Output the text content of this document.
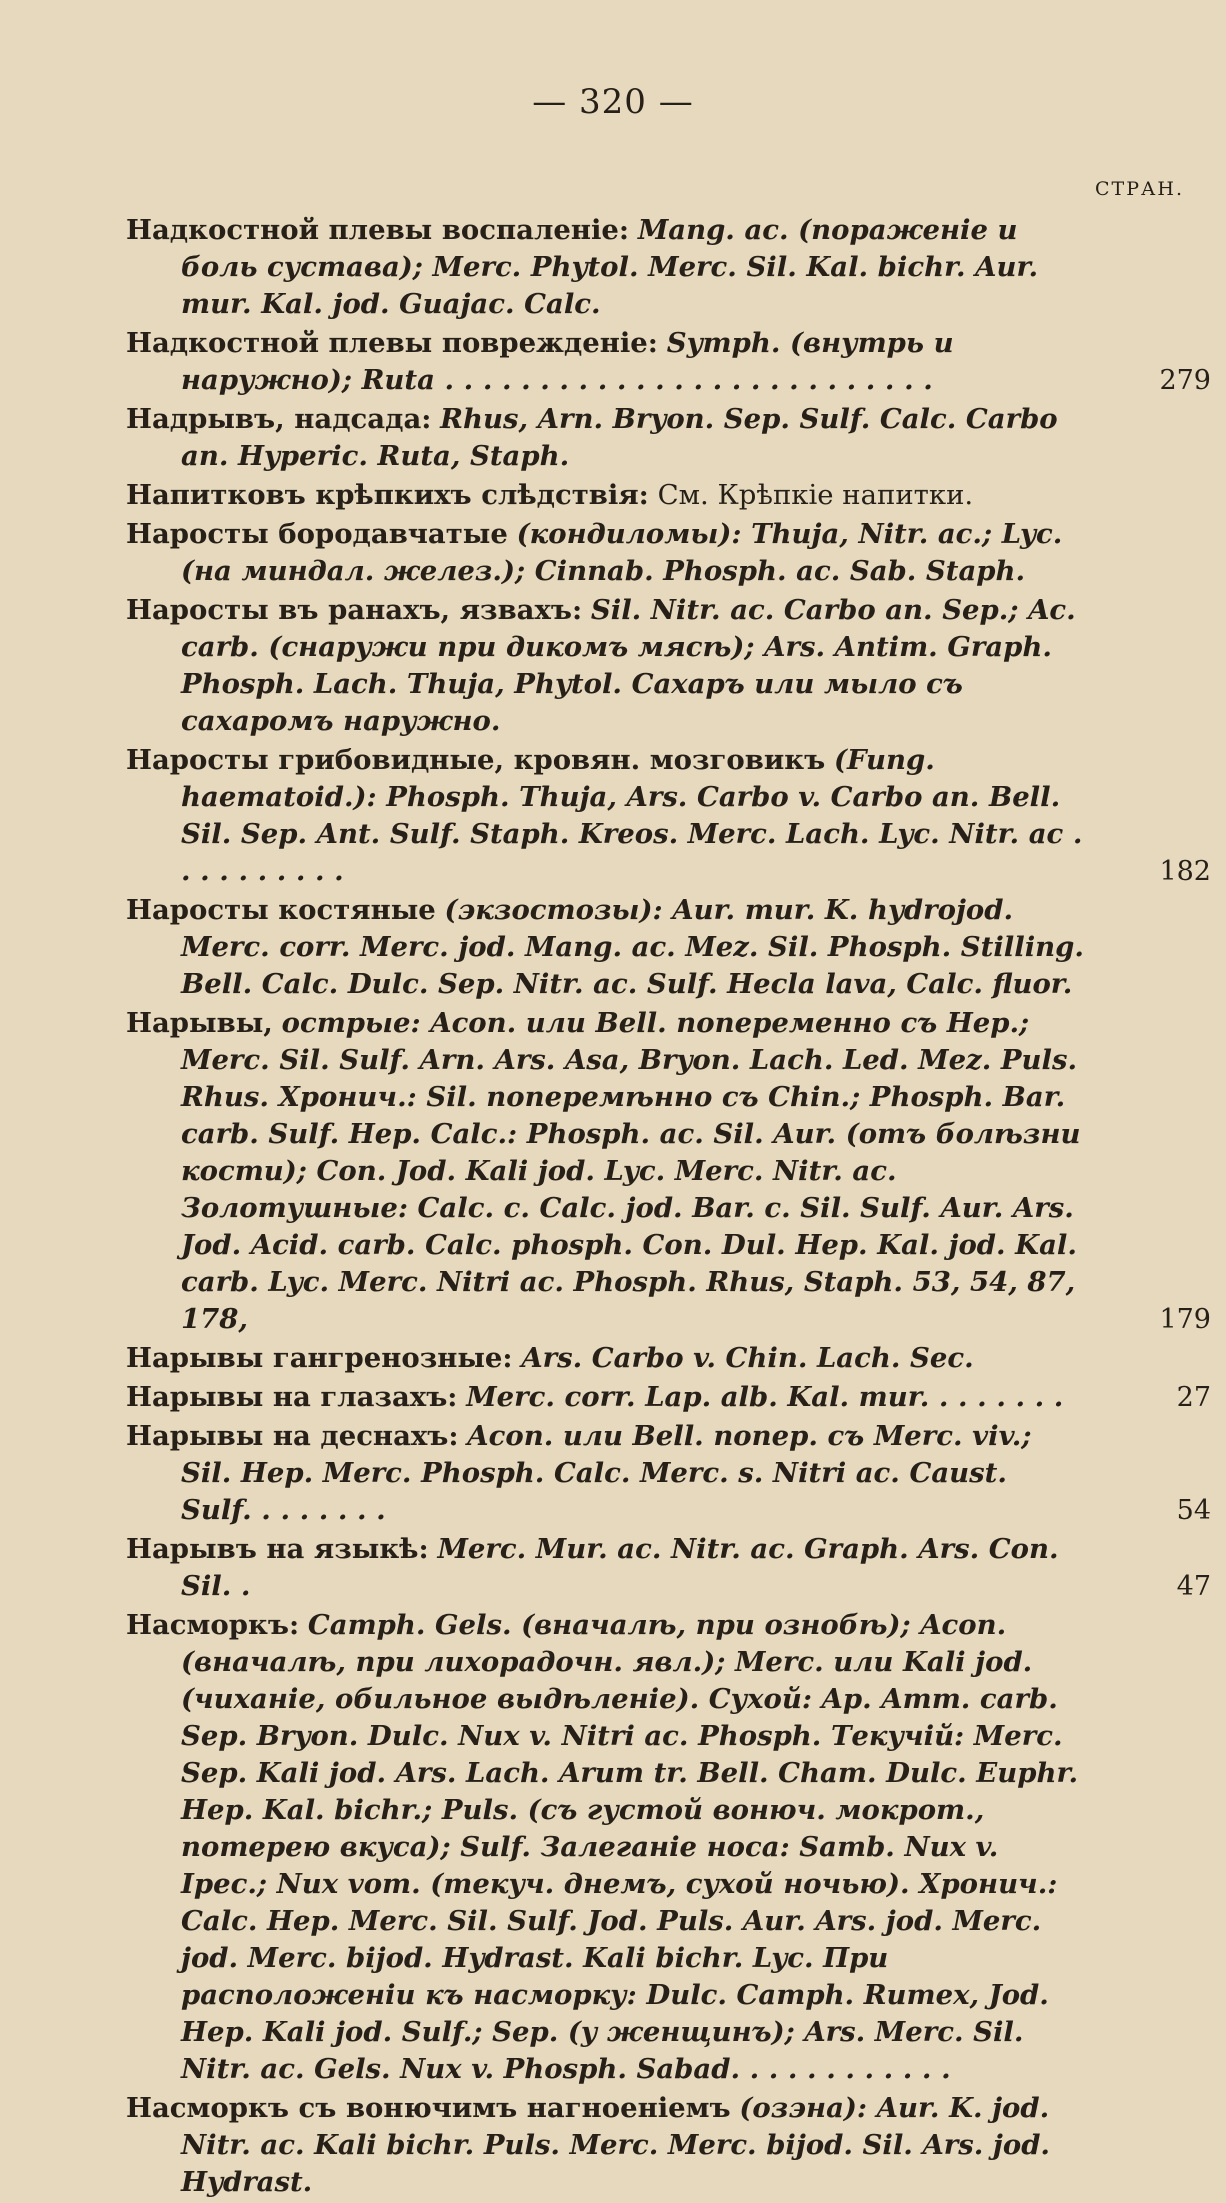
— 320 —
СТРАН.

Надкостной плевы воспаленіе: Mang. ac. (пораженіе и боль сустава); Merc. Phytol. Merc. Sil. Kal. bichr. Aur. mur. Kal. jod. Guajac. Calc.

Надкостной плевы поврежденіе: Symph. (внутрь и наружно); Ruta . . . . . . . . . . . . . . . . . . . . . . . . . .	279

Надрывъ, надсада: Rhus, Arn. Bryon. Sep. Sulf. Calc. Carbo an. Hyperic. Ruta, Staph.

Напитковъ крѣпкихъ слѣдствія: См. Крѣпкіе напитки.

Наросты бородавчатые (кондиломы): Thuja, Nitr. ac.; Lyc. (на миндал. желез.); Cinnab. Phosph. ac. Sab. Staph.

Наросты въ ранахъ, язвахъ: Sil. Nitr. ac. Carbo an. Sep.; Ac. carb. (снаружи при дикомъ мясѣ); Ars. Antim. Graph. Phosph. Lach. Thuja, Phytol. Сахаръ или мыло съ сахаромъ наружно.

Наросты грибовидные, кровян. мозговикъ (Fung. haematoid.): Phosph. Thuja, Ars. Carbo v. Carbo an. Bell. Sil. Sep. Ant. Sulf. Staph. Kreos. Merc. Lach. Lyc. Nitr. ac . . . . . . . . . .	182

Наросты костяные (экзостозы): Aur. mur. K. hydrojod. Merc. corr. Merc. jod. Mang. ac. Mez. Sil. Phosph. Stilling. Bell. Calc. Dulc. Sep. Nitr. ac. Sulf. Hecla lava, Calc. fluor.

Нарывы, острые: Acon. или Bell. попеременно съ Hep.; Merc. Sil. Sulf. Arn. Ars. Asa, Bryon. Lach. Led. Mez. Puls. Rhus. Хронич.: Sil. поперемѣнно съ Chin.; Phosph. Bar. carb. Sulf. Hep. Calc.: Phosph. ac. Sil. Aur. (отъ болѣзни кости); Con. Jod. Kali jod. Lyc. Merc. Nitr. ac. Золотушные: Calc. c. Calc. jod. Bar. c. Sil. Sulf. Aur. Ars. Jod. Acid. carb. Calc. phosph. Con. Dul. Hep. Kal. jod. Kal. carb. Lyc. Merc. Nitri ac. Phosph. Rhus, Staph. 53, 54, 87, 178,	179

Нарывы гангренозные: Ars. Carbo v. Chin. Lach. Sec.

Нарывы на глазахъ: Merc. corr. Lap. alb. Kal. mur. . . . . . . .	27

Нарывы на деснахъ: Acon. или Bell. попер. съ Merc. viv.; Sil. Hep. Merc. Phosph. Calc. Merc. s. Nitri ac. Caust. Sulf. . . . . . . .	54

Нарывъ на языкѣ: Merc. Mur. ac. Nitr. ac. Graph. Ars. Con. Sil. .	47

Насморкъ: Camph. Gels. (вначалѣ, при ознобѣ); Acon. (вначалѣ, при лихорадочн. явл.); Merc. или Kali jod. (чиханіе, обильное выдѣленіе). Сухой: Ap. Amm. carb. Sep. Bryon. Dulc. Nux v. Nitri ac. Phosph. Текучій: Merc. Sep. Kali jod. Ars. Lach. Arum tr. Bell. Cham. Dulc. Euphr. Hep. Kal. bichr.; Puls. (съ густой вонюч. мокрот., потерею вкуса); Sulf. Залеганіе носа: Samb. Nux v. Ipec.; Nux vom. (текуч. днемъ, сухой ночью). Хронич.: Calc. Hep. Merc. Sil. Sulf. Jod. Puls. Aur. Ars. jod. Merc. jod. Merc. bijod. Hydrast. Kali bichr. Lyc. При расположеніи къ насморку: Dulc. Camph. Rumex, Jod. Hep. Kali jod. Sulf.; Sep. (у женщинъ); Ars. Merc. Sil. Nitr. ac. Gels. Nux v. Phosph. Sabad. . . . . . . . . . . .

Насморкъ съ вонючимъ нагноеніемъ (озэна): Aur. K. jod. Nitr. ac. Kali bichr. Puls. Merc. Merc. bijod. Sil. Ars. jod. Hydrast.
